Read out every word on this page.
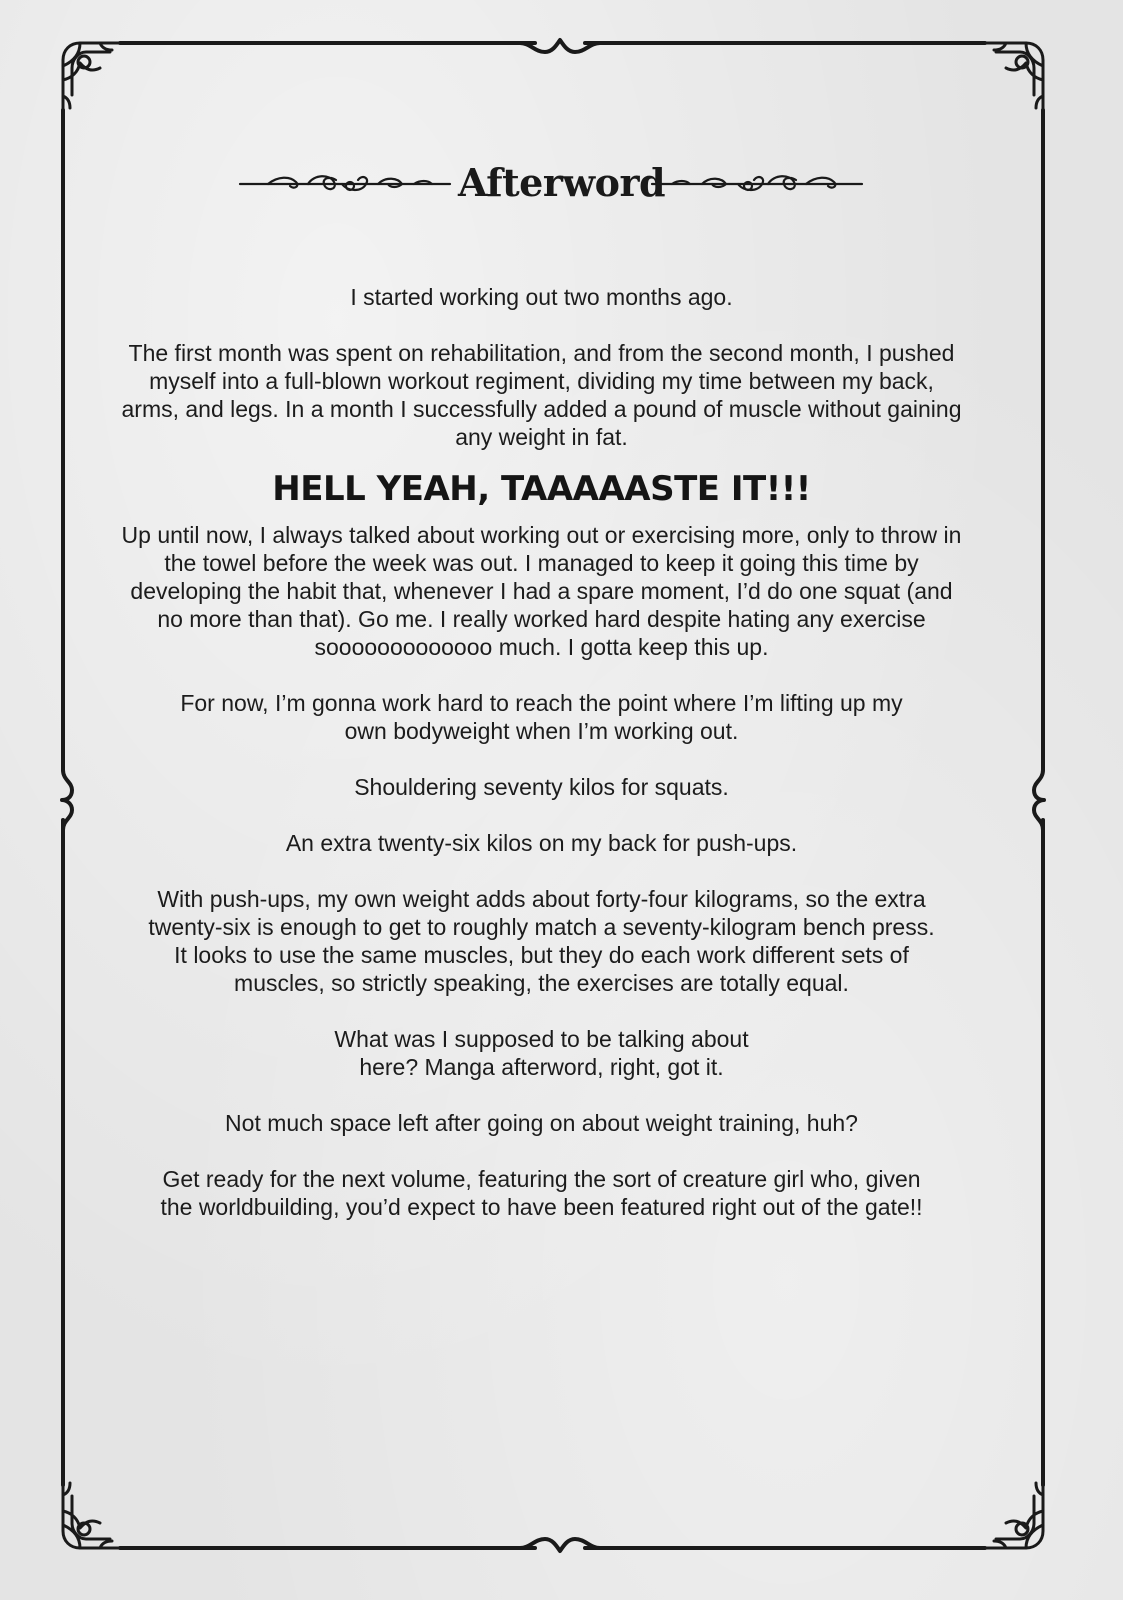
Afterword

I started working out two months ago.

The first month was spent on rehabilitation, and from the second month, I pushed myself into a full-blown workout regiment, dividing my time between my back, arms, and legs. In a month I successfully added a pound of muscle without gaining any weight in fat.

HELL YEAH, TAAAAASTE IT!!!

Up until now, I always talked about working out or exercising more, only to throw in the towel before the week was out. I managed to keep it going this time by developing the habit that, whenever I had a spare moment, I’d do one squat (and no more than that). Go me. I really worked hard despite hating any exercise sooooooooooooo much. I gotta keep this up.

For now, I’m gonna work hard to reach the point where I’m lifting up my own bodyweight when I’m working out.

Shouldering seventy kilos for squats.

An extra twenty-six kilos on my back for push-ups.

With push-ups, my own weight adds about forty-four kilograms, so the extra twenty-six is enough to get to roughly match a seventy-kilogram bench press. It looks to use the same muscles, but they do each work different sets of muscles, so strictly speaking, the exercises are totally equal.

What was I supposed to be talking about here? Manga afterword, right, got it.

Not much space left after going on about weight training, huh?

Get ready for the next volume, featuring the sort of creature girl who, given the worldbuilding, you’d expect to have been featured right out of the gate!!
